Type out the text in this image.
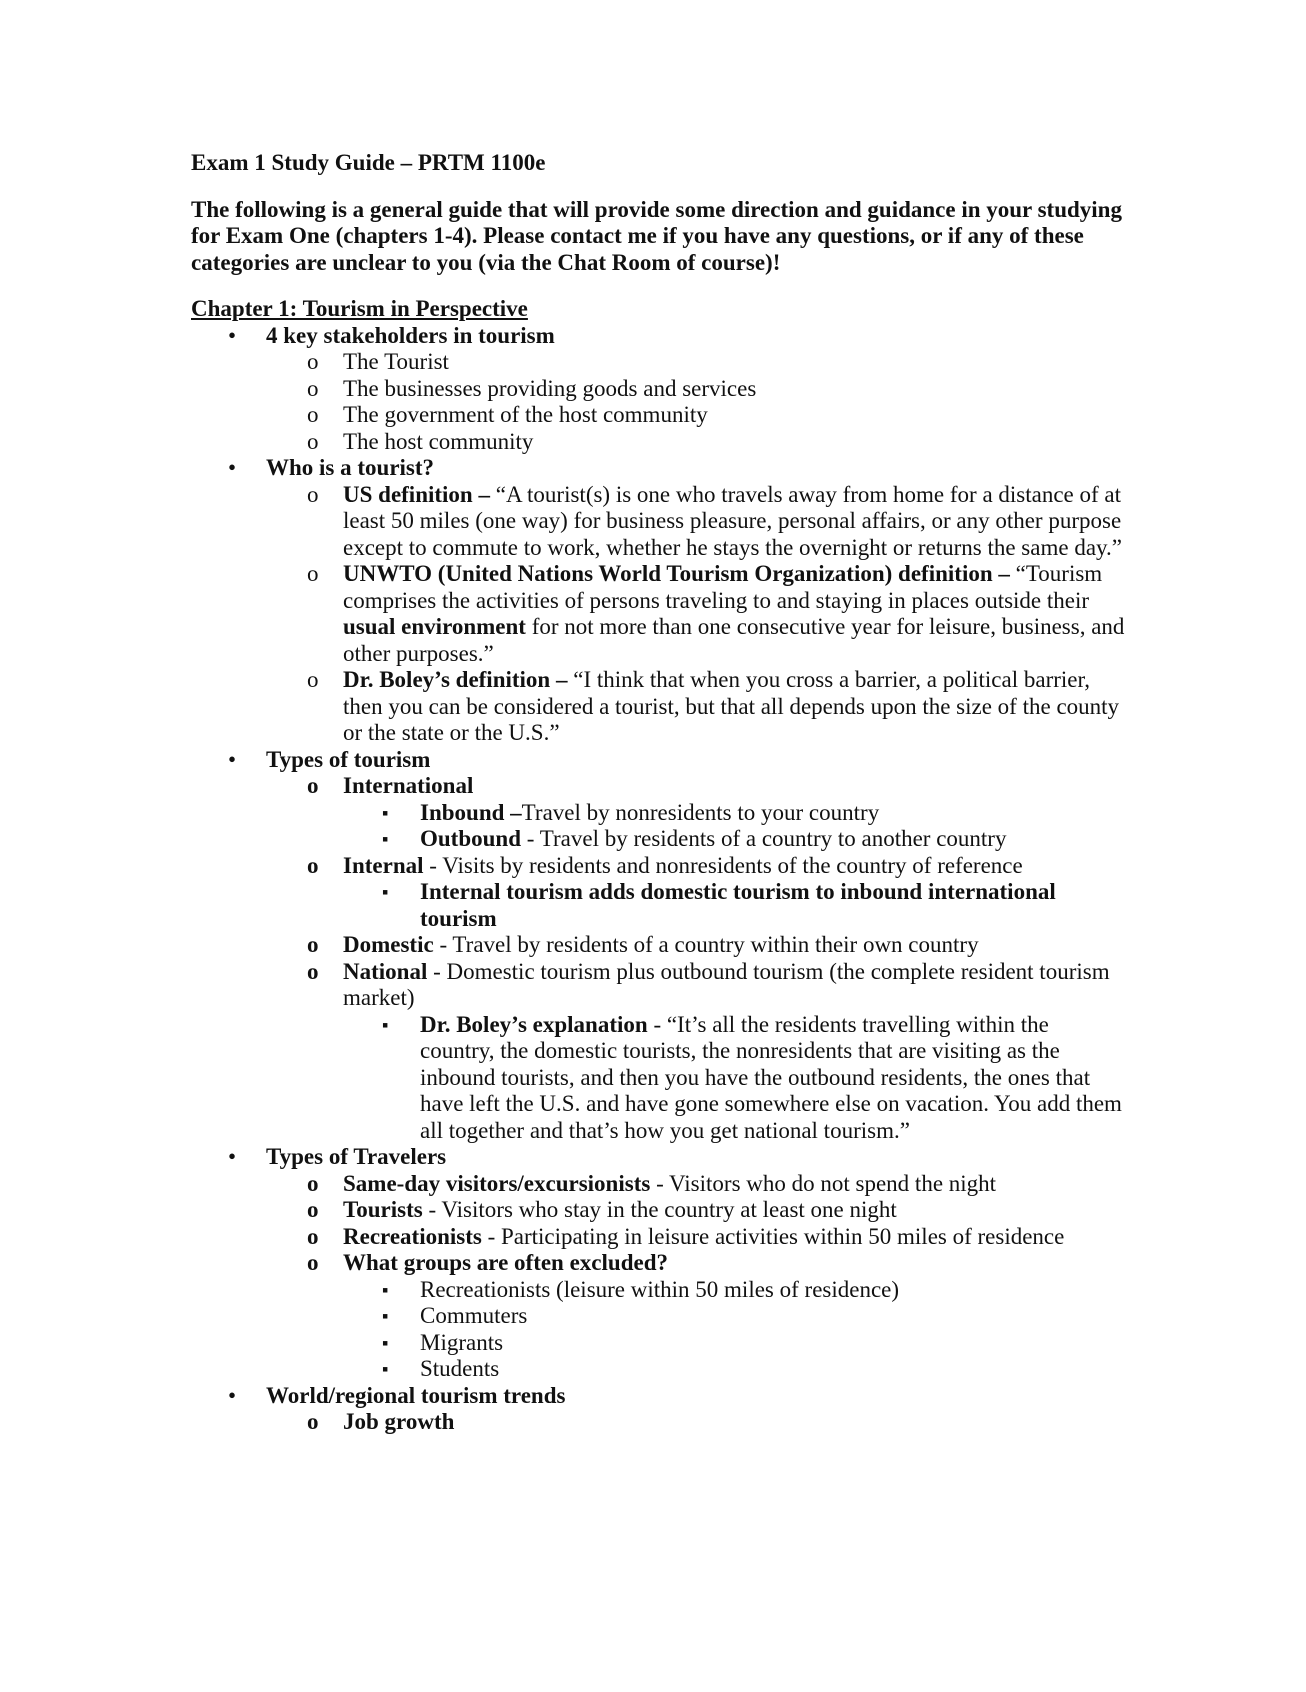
Exam 1 Study Guide – PRTM 1100e

The following is a general guide that will provide some direction and guidance in your studying for Exam One (chapters 1-4). Please contact me if you have any questions, or if any of these categories are unclear to you (via the Chat Room of course)!

Chapter 1: Tourism in Perspective

• 4 key stakeholders in tourism
o The Tourist
o The businesses providing goods and services
o The government of the host community
o The host community
• Who is a tourist?
o US definition – “A tourist(s) is one who travels away from home for a distance of at least 50 miles (one way) for business pleasure, personal affairs, or any other purpose except to commute to work, whether he stays the overnight or returns the same day.”
o UNWTO (United Nations World Tourism Organization) definition – “Tourism comprises the activities of persons traveling to and staying in places outside their usual environment for not more than one consecutive year for leisure, business, and other purposes.”
o Dr. Boley’s definition – “I think that when you cross a barrier, a political barrier, then you can be considered a tourist, but that all depends upon the size of the county or the state or the U.S.”
• Types of tourism
o International
▪ Inbound –Travel by nonresidents to your country
▪ Outbound - Travel by residents of a country to another country
o Internal - Visits by residents and nonresidents of the country of reference
▪ Internal tourism adds domestic tourism to inbound international tourism
o Domestic - Travel by residents of a country within their own country
o National - Domestic tourism plus outbound tourism (the complete resident tourism market)
▪ Dr. Boley’s explanation - “It’s all the residents travelling within the country, the domestic tourists, the nonresidents that are visiting as the inbound tourists, and then you have the outbound residents, the ones that have left the U.S. and have gone somewhere else on vacation. You add them all together and that’s how you get national tourism.”
• Types of Travelers
o Same-day visitors/excursionists - Visitors who do not spend the night
o Tourists - Visitors who stay in the country at least one night
o Recreationists - Participating in leisure activities within 50 miles of residence
o What groups are often excluded?
▪ Recreationists (leisure within 50 miles of residence)
▪ Commuters
▪ Migrants
▪ Students
• World/regional tourism trends
o Job growth
